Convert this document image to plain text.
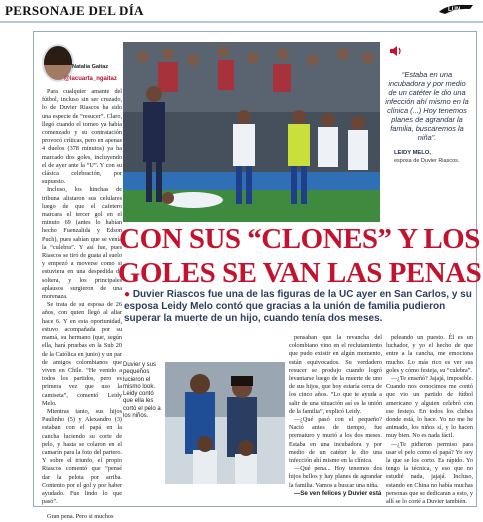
PERSONAJE DEL DÍA	LUN
Natalia Gaitaz
@lacuarta_ngaitaz

Para cualquier amante del fútbol, incluso sin ser cruzado, lo de Duvier Riascos ha sido una especie de “resucer”. Claro, llegó cuando el torneo ya había comenzado y su contratación provocó críticas, pero en apenas 4 duelos (378 minutos) ya ha marcado dos goles, incluyendo el de ayer ante la “U”. Y con su clásica celebración, por supuesto.

Incluso, los hinchas de tribuna alistaron sus celulares luego de que el cafetero marcara el tercer gol en el minuto 69 (antes lo habían hecho Fuenzalida y Edson Puch), pues sabían que se venía la “culebra”. Y así fue, pues Riascos se tiró de guata al suelo y empezó a moverse como si estuviera en una despedida de soltera, y los principales aplausos surgieron de una morenaza.

Se trata de su esposa de 26 años, con quien llegó al altar hace 6. Y en esta oportunidad, estuvo acompañada por su mamá, su hermano (que, según ella, hará pruebas en la Sub 20 de la Católica en junio) y un par de amigos colombianos que viven en Chile. “He venido a todos los partidos, pero es primera vez que uso la camiseta”, comentó Leidy Melo.

Mientras tanto, sus hijos Paulinho (5) y Alexandro (3) estaban con el papá en la cancha luciendo su corte de pelo, y hasta se colaron en el camarín para la foto del partero. Y sobre el triunfo, el propio Riascos comentó que “pensé dar la pelota por arriba. Contento por el gol y por haber ayudado. Fue lindo lo que pasó”.

Gran pena. Pero si muchos

“Estaba en una incubadora y por medio de un catéter le dio una infección ahí mismo en la clínica (...) Hoy tenemos planes de agrandar la familia, buscaremos la niña”.
LEIDY MELO,
esposa de Duvier Riascos.
CON SUS “CLONES” Y LOS GOLES SE VAN LAS PENAS
● Duvier Riascos fue una de las figuras de la UC ayer en San Carlos, y su esposa Leidy Melo contó que gracias a la unión de familia pudieron superar la muerte de un hijo, cuando tenía dos meses.
Duvier y sus pequeños lucieron el mismo look. Leidy contó que ella les cortó el pelo a los niños.

pensaban que la revancha del colombiano vino en el reclutamiento que pudo existir en algún momento, están equivocados. Su verdadero resucer se produjo cuando logró levantarse luego de la muerte de uno de sus hijos, que hoy estaría cerca de los cinco años. “Lo que te ayuda a salir de una situación así es la unión de la familia”, explicó Leidy.

—¿Qué pasó con el pequeño? Nació antes de tiempo, fue prematuro y murió a los dos meses. Estaba en una incubadora y por medio de un catéter le dio una infección ahí mismo en la clínica.

—Qué pena... Hoy tenemos dos hijos bellos y hay planes de agrandar la familia. Vamos a buscar una niña.

—Se ven felices y Duvier está

peleando un puesto. Él es un luchador, y yo el hecho de que entre a la cancha, me emociona mucho. Lo más rico es ver sus goles y cómo festeja, su “culebra”.

—¿Te enseñó? Jajajá, imposible. Cuando nos conocimos me contó que vio un partido de fútbol americano y alguien celebró con ese festejo. En todos los clubes donde está, lo hace. Yo no me he animado, los niños sí, y lo hacen muy bien. No es nada fácil.

—¿Te pidieron permiso para usar el pelo como el papá? Yo soy la que se los corto. Es rápido. Yo tengo la técnica, y eso que no estudié nada, jajajá. Incluso, estando en China no había muchas personas que se dedicaran a esto, y allí se lo corté a Duvier también.
